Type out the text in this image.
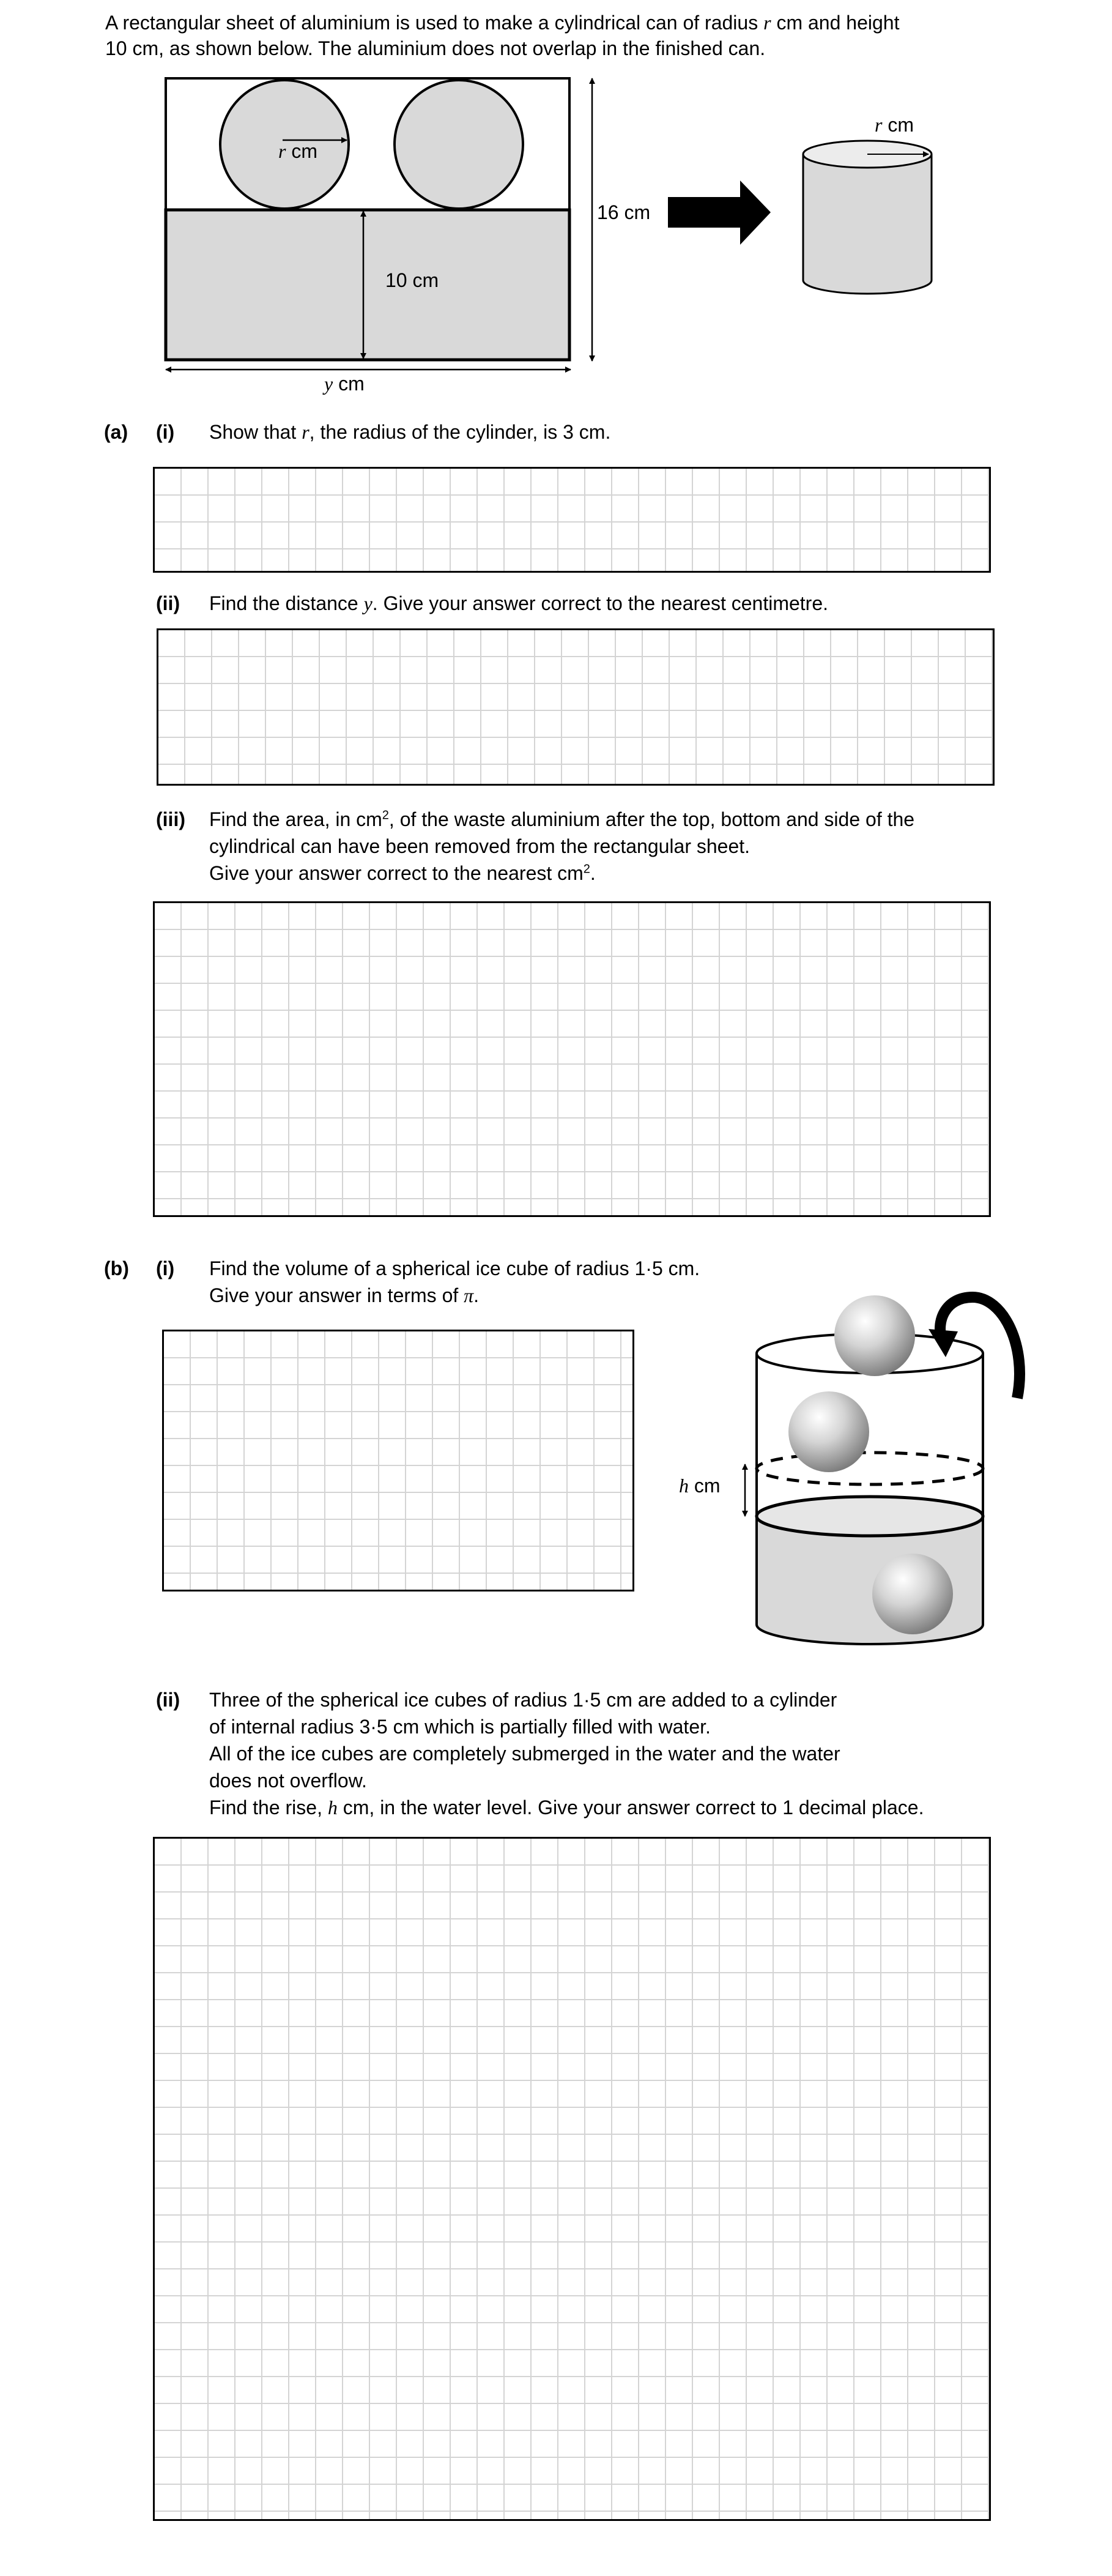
A rectangular sheet of aluminium is used to make a cylindrical can of radius r cm and height
10 cm, as shown below. The aluminium does not overlap in the finished can.
r cm
10 cm
16 cm
y cm
r cm
(a) (i) Show that r, the radius of the cylinder, is 3 cm.
(ii) Find the distance y. Give your answer correct to the nearest centimetre.
(iii) Find the area, in $cm^2$, of the waste aluminium after the top, bottom and side of the
cylindrical can have been removed from the rectangular sheet.
Give your answer correct to the nearest $cm^2$.
(b) (i) Find the volume of a spherical ice cube of radius 1·5 cm.
Give your answer in terms of π.
h cm
(ii) Three of the spherical ice cubes of radius 1·5 cm are added to a cylinder
of internal radius 3·5 cm which is partially filled with water.
All of the ice cubes are completely submerged in the water and the water
does not overflow.
Find the rise, h cm, in the water level. Give your answer correct to 1 decimal place.
